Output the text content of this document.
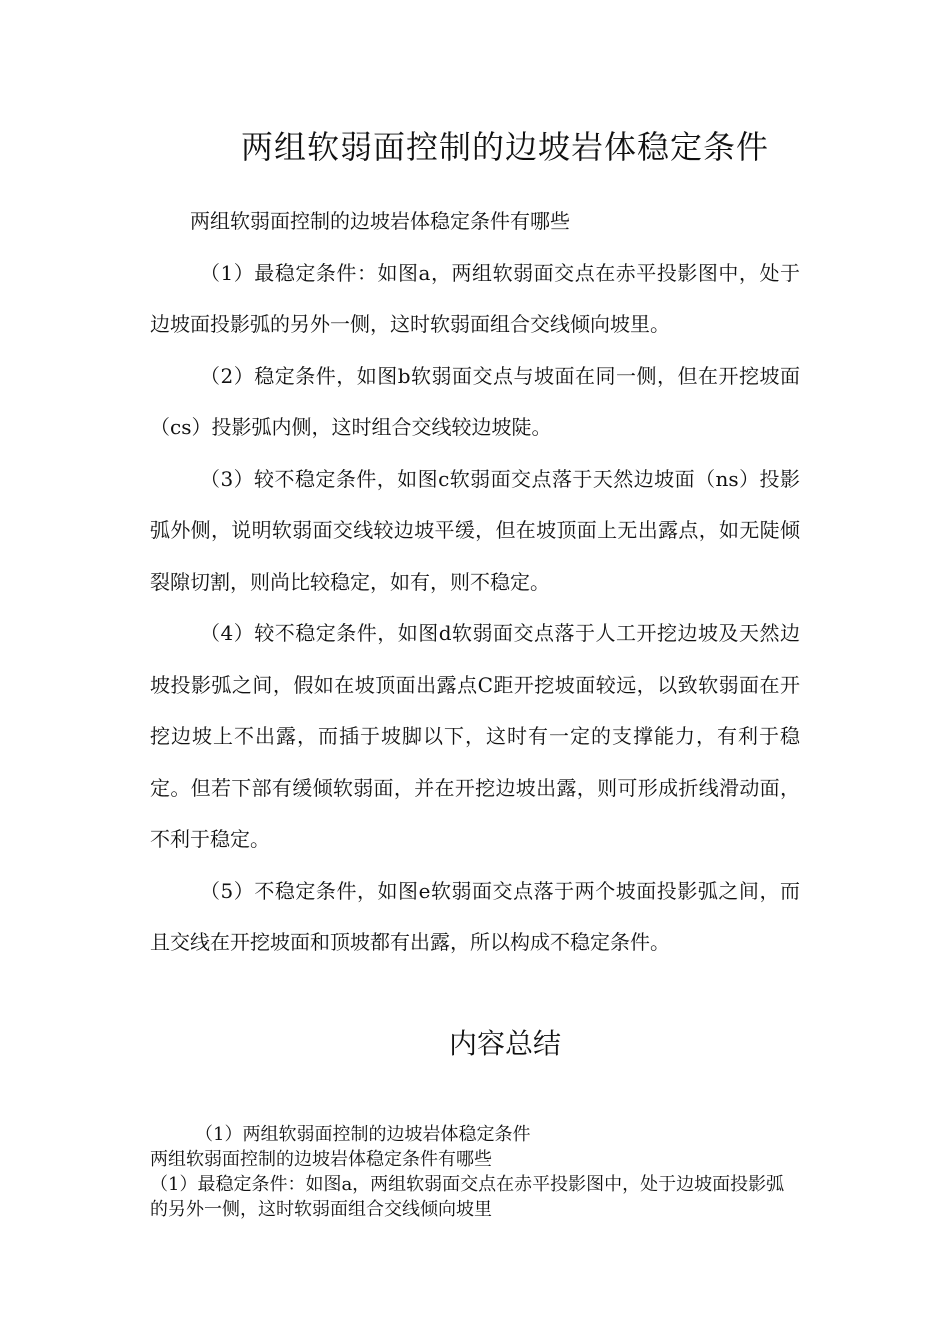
两组软弱面控制的边坡岩体稳定条件

两组软弱面控制的边坡岩体稳定条件有哪些

（1）最稳定条件：如图a，两组软弱面交点在赤平投影图中，处于边坡面投影弧的另外一侧，这时软弱面组合交线倾向坡里。

（2）稳定条件，如图b软弱面交点与坡面在同一侧，但在开挖坡面（cs）投影弧内侧，这时组合交线较边坡陡。

（3）较不稳定条件，如图c软弱面交点落于天然边坡面（ns）投影弧外侧，说明软弱面交线较边坡平缓，但在坡顶面上无出露点，如无陡倾裂隙切割，则尚比较稳定，如有，则不稳定。

（4）较不稳定条件，如图d软弱面交点落于人工开挖边坡及天然边坡投影弧之间，假如在坡顶面出露点C距开挖坡面较远，以致软弱面在开挖边坡上不出露，而插于坡脚以下，这时有一定的支撑能力，有利于稳定。但若下部有缓倾软弱面，并在开挖边坡出露，则可形成折线滑动面，不利于稳定。

（5）不稳定条件，如图e软弱面交点落于两个坡面投影弧之间，而且交线在开挖坡面和顶坡都有出露，所以构成不稳定条件。

内容总结

（1）两组软弱面控制的边坡岩体稳定条件

两组软弱面控制的边坡岩体稳定条件有哪些

（1）最稳定条件：如图a，两组软弱面交点在赤平投影图中，处于边坡面投影弧的另外一侧，这时软弱面组合交线倾向坡里
